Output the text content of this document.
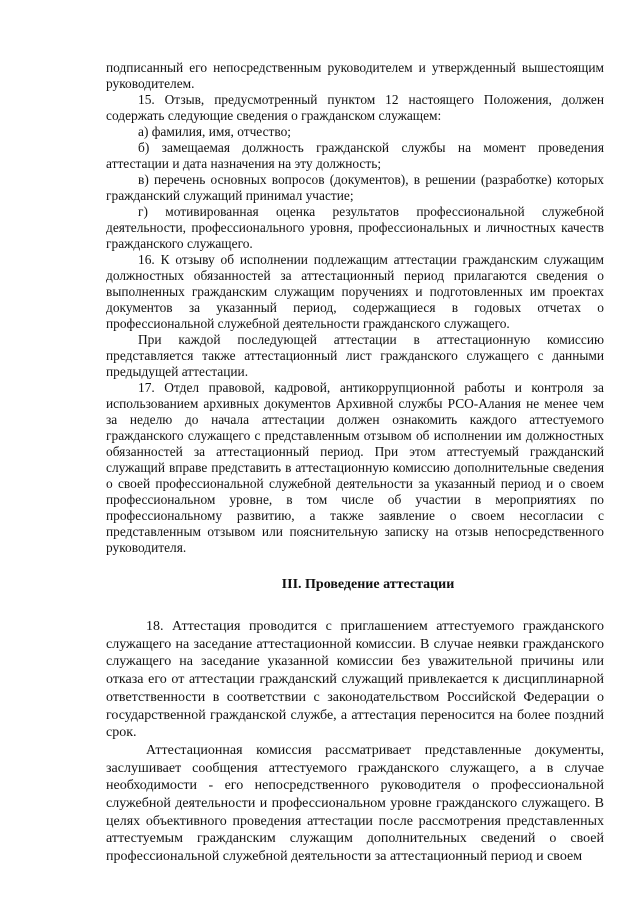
подписанный его непосредственным руководителем и утвержденный вышестоящим руководителем.

15. Отзыв, предусмотренный пунктом 12 настоящего Положения, должен содержать следующие сведения о гражданском служащем:

а) фамилия, имя, отчество;

б) замещаемая должность гражданской службы на момент проведения аттестации и дата назначения на эту должность;

в) перечень основных вопросов (документов), в решении (разработке) которых гражданский служащий принимал участие;

г) мотивированная оценка результатов профессиональной служебной деятельности, профессионального уровня, профессиональных и личностных качеств гражданского служащего.

16. К отзыву об исполнении подлежащим аттестации гражданским служащим должностных обязанностей за аттестационный период прилагаются сведения о выполненных гражданским служащим поручениях и подготовленных им проектах документов за указанный период, содержащиеся в годовых отчетах о профессиональной служебной деятельности гражданского служащего.

При каждой последующей аттестации в аттестационную комиссию представляется также аттестационный лист гражданского служащего с данными предыдущей аттестации.

17. Отдел правовой, кадровой, антикоррупционной работы и контроля за использованием архивных документов Архивной службы РСО-Алания не менее чем за неделю до начала аттестации должен ознакомить каждого аттестуемого гражданского служащего с представленным отзывом об исполнении им должностных обязанностей за аттестационный период. При этом аттестуемый гражданский служащий вправе представить в аттестационную комиссию дополнительные сведения о своей профессиональной служебной деятельности за указанный период и о своем профессиональном уровне, в том числе об участии в мероприятиях по профессиональному развитию, а также заявление о своем несогласии с представленным отзывом или пояснительную записку на отзыв непосредственного руководителя.

III. Проведение аттестации

18. Аттестация проводится с приглашением аттестуемого гражданского служащего на заседание аттестационной комиссии. В случае неявки гражданского служащего на заседание указанной комиссии без уважительной причины или отказа его от аттестации гражданский служащий привлекается к дисциплинарной ответственности в соответствии с законодательством Российской Федерации о государственной гражданской службе, а аттестация переносится на более поздний срок.

Аттестационная комиссия рассматривает представленные документы, заслушивает сообщения аттестуемого гражданского служащего, а в случае необходимости - его непосредственного руководителя о профессиональной служебной деятельности и профессиональном уровне гражданского служащего. В целях объективного проведения аттестации после рассмотрения представленных аттестуемым гражданским служащим дополнительных сведений о своей профессиональной служебной деятельности за аттестационный период и своем
